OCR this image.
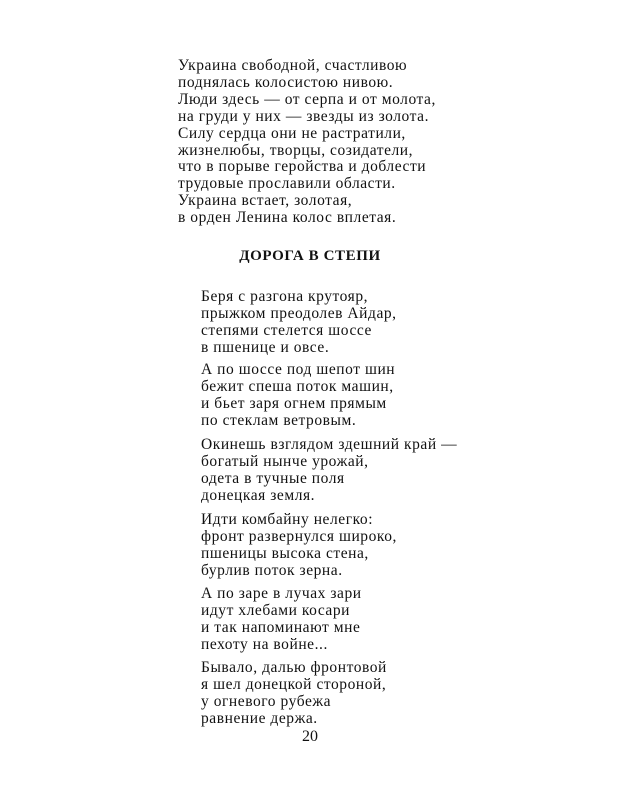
Украина свободной, счастливою
поднялась колосистою нивою.
Люди здесь — от серпа и от молота,
на груди у них — звезды из золота.
Силу сердца они не растратили,
жизнелюбы, творцы, созидатели,
что в порыве геройства и доблести
трудовые прославили области.
Украина встает, золотая,
в орден Ленина колос вплетая.
ДОРОГА В СТЕПИ
Беря с разгона крутояр,
прыжком преодолев Айдар,
степями стелется шоссе
в пшенице и овсе.
А по шоссе под шепот шин
бежит спеша поток машин,
и бьет заря огнем прямым
по стеклам ветровым.
Окинешь взглядом здешний край —
богатый нынче урожай,
одета в тучные поля
донецкая земля.
Идти комбайну нелегко:
фронт развернулся широко,
пшеницы высока стена,
бурлив поток зерна.
А по заре в лучах зари
идут хлебами косари
и так напоминают мне
пехоту на войне...
Бывало, далью фронтовой
я шел донецкой стороной,
у огневого рубежа
равнение держа.

20
